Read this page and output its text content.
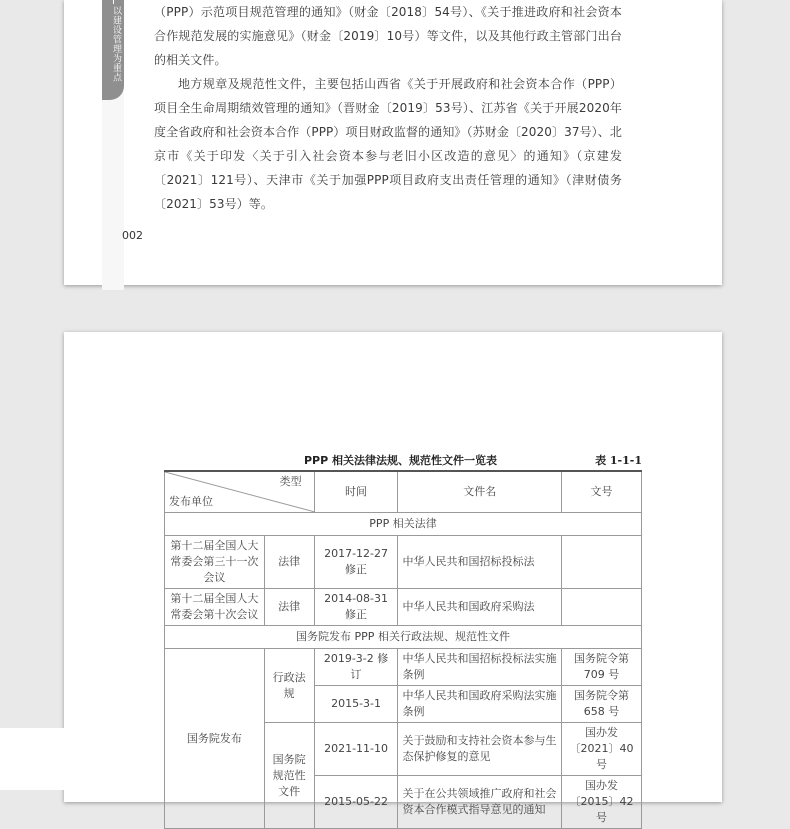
以建设管理为重点	（PPP）示范项目规范管理的通知》（财金〔2018〕54号）、《关于推进政府和社会资本合作规范发展的实施意见》（财金〔2019〕10号）等文件，以及其他行政主管部门出台的相关文件。

地方规章及规范性文件，主要包括山西省《关于开展政府和社会资本合作（PPP）项目全生命周期绩效管理的通知》（晋财金〔2019〕53号）、江苏省《关于开展2020年度全省政府和社会资本合作（PPP）项目财政监督的通知》（苏财金〔2020〕37号）、北京市《关于印发〈关于引入社会资本参与老旧小区改造的意见〉的通知》（京建发〔2021〕121号）、天津市《关于加强PPP项目政府支出责任管理的通知》（津财债务〔2021〕53号）等。

002
PPP 相关法律法规、规范性文件一览表	表 1-1-1
类型
发布单位		时间	文件名	文号
PPP 相关法律				
第十二届全国人大常委会第三十一次会议	法律	2017-12-27 修正	中华人民共和国招标投标法	
第十二届全国人大常委会第十次会议	法律	2014-08-31 修正	中华人民共和国政府采购法	
国务院发布 PPP 相关行政法规、规范性文件				
国务院发布	行政法规	2019-3-2 修订	中华人民共和国招标投标法实施条例	国务院令第 709 号
		2015-3-1	中华人民共和国政府采购法实施条例	国务院令第 658 号
	国务院规范性文件	2021-11-10	关于鼓励和支持社会资本参与生态保护修复的意见	国办发〔2021〕40号
		2015-05-22	关于在公共领域推广政府和社会资本合作模式指导意见的通知	国办发〔2015〕42号
